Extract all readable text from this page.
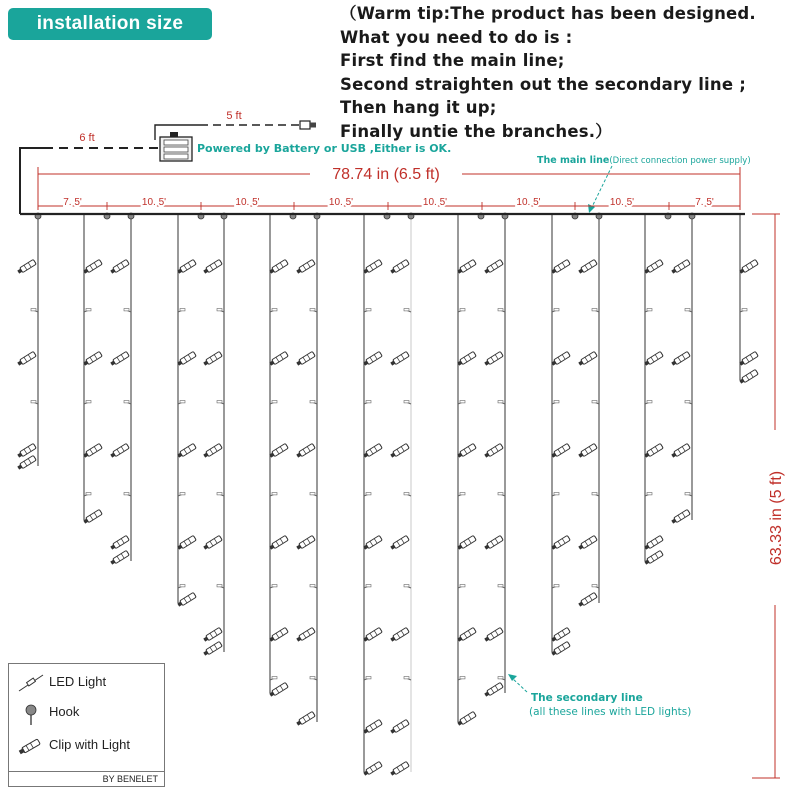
5 ft
6 ft
Powered by Battery or USB ,Either is OK.
The main line(Direct connection power supply)
78.74 in (6.5 ft)
7. 5'	10. 5'	10. 5'	10. 5'	10. 5'	10. 5'	10. 5'	7. 5'
63.33 in (5 ft)
The secondary line
(all these lines with LED lights)
installation size	（Warm tip:The product has been designed.
What you need to do is :
First find the main line;
Second straighten out the secondary line ;
Then hang it up;
Finally untie the branches.）
LED Light
Hook
Clip with Light
BY BENELET
